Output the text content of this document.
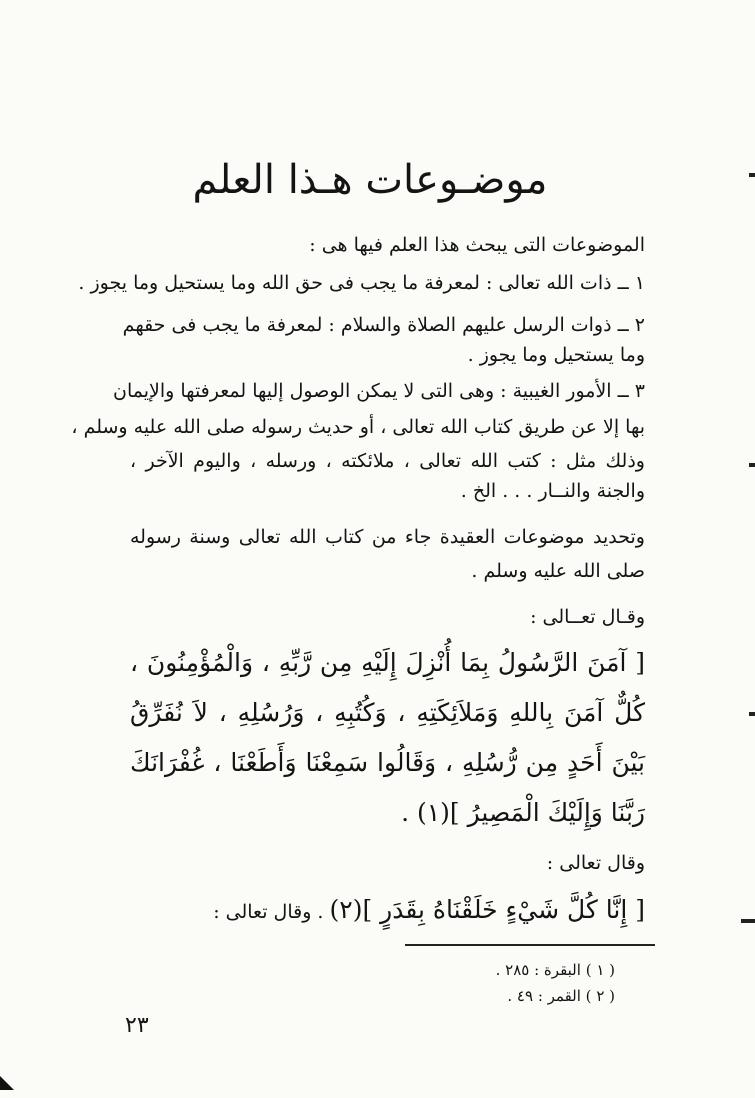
موضـوعات هـذا العلم
الموضوعات التى يبحث هذا العلم فيها هى :
١ ــ ذات الله تعالى : لمعرفة ما يجب فى حق الله وما يستحيل وما يجوز .
٢ ــ ذوات الرسل عليهم الصلاة والسلام : لمعرفة ما يجب فى حقهم
وما يستحيل وما يجوز .
٣ ــ الأمور الغيبية : وهى التى لا يمكن الوصول إليها لمعرفتها والإيمان
بها إلا عن طريق كتاب الله تعالى ، أو حديث رسوله صلى الله عليه وسلم ،
وذلك مثل : كتب الله تعالى ، ملائكته ، ورسله ، واليوم الآخر ،
والجنة والنــار . . . الخ .
وتحديد موضوعات العقيدة جاء من كتاب الله تعالى وسنة رسوله
صلى الله عليه وسلم .
وقـال تعــالى :
[ آمَنَ الرَّسُولُ بِمَا أُنْزِلَ إِلَيْهِ مِن رَّبِّهِ ، وَالْمُؤْمِنُونَ ،
كُلٌّ آمَنَ بِاللهِ وَمَلاَئِكَتِهِ ، وَكُتُبِهِ ، وَرُسُلِهِ ، لاَ نُفَرِّقُ
بَيْنَ أَحَدٍ مِن رُّسُلِهِ ، وَقَالُوا سَمِعْنَا وَأَطَعْنَا ، غُفْرَانَكَ
رَبَّنَا وَإِلَيْكَ الْمَصِيرُ ](١) .
وقال تعالى :
[ إِنَّا كُلَّ شَيْءٍ خَلَقْنَاهُ بِقَدَرٍ ](٢) . وقال تعالى :
( ١ ) البقرة : ٢٨٥ .
( ٢ ) القمر : ٤٩ .
٢٣
